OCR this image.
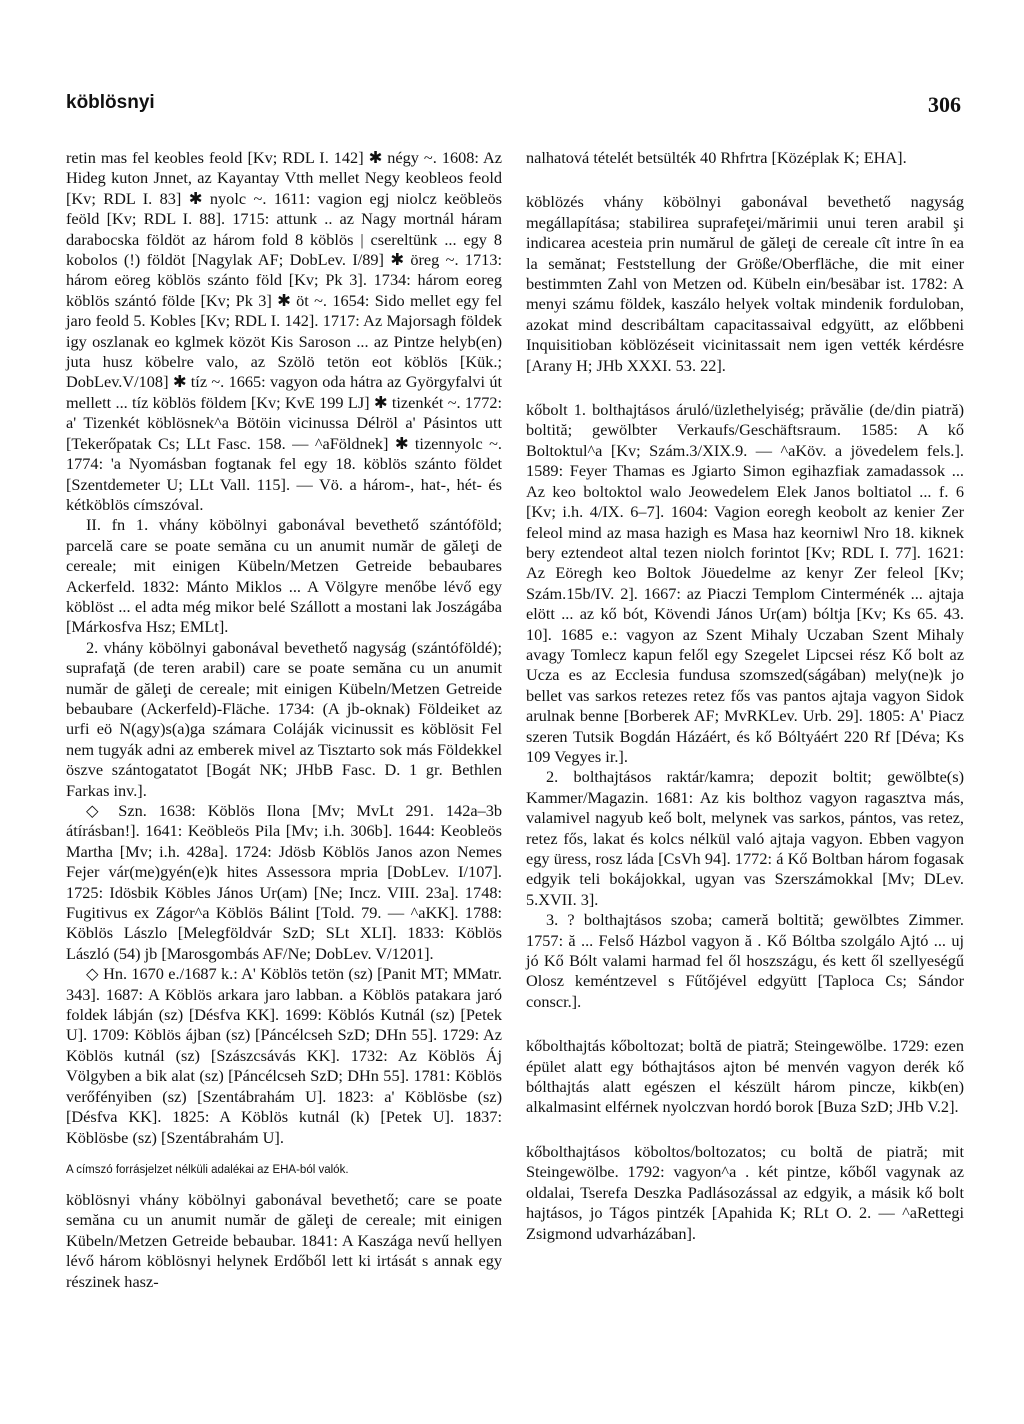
köblösnyi	306

retin mas fel keobles feold [Kv; RDL I. 142] ✱ négy ~. 1608: Az Hideg kuton Jnnet, az Kayantay Vtth mellet Negy keobleos feold [Kv; RDL I. 83] ✱ nyolc ~. 1611: vagion egj niolcz keöbleös feöld [Kv; RDL I. 88]. 1715: attunk .. az Nagy mortnál háram darabocska földöt az három fold 8 köblös | csereltünk ... egy 8 kobolos (!) földöt [Nagylak AF; DobLev. I/89] ✱ öreg ~. 1713: három eöreg köblös szánto föld [Kv; Pk 3]. 1734: három eoreg köblös szántó földe [Kv; Pk 3] ✱ öt ~. 1654: Sido mellet egy fel jaro feold 5. Kobles [Kv; RDL I. 142]. 1717: Az Majorsagh földek igy oszlanak eo kglmek közöt Kis Saroson ... az Pintze helyb(en) juta husz köbelre valo, az Szölö tetön eot köblös [Kük.; DobLev.V/108] ✱ tíz ~. 1665: vagyon oda hátra az Györgyfalvi út mellett ... tíz köblös földem [Kv; KvE 199 LJ] ✱ tizenkét ~. 1772: a' Tizenkét köblösnek^a Bötöin vicinussa Délröl a' Pásintos utt [Tekerőpatak Cs; LLt Fasc. 158. — ^aFöldnek] ✱ tizennyolc ~. 1774: 'a Nyomásban fogtanak fel egy 18. köblös szánto földet [Szentdemeter U; LLt Vall. 115]. — Vö. a három-, hat-, hét- és kétköblös címszóval.

II. fn 1. vhány köbölnyi gabonával bevethető szántóföld; parcelă care se poate semăna cu un anumit număr de găleţi de cereale; mit einigen Kübeln/Metzen Getreide bebaubares Ackerfeld. 1832: Mánto Miklos ... A Völgyre menőbe lévő egy köblöst ... el adta még mikor belé Szállott a mostani lak Joszágába [Márkosfva Hsz; EMLt].

2. vhány köbölnyi gabonával bevethető nagyság (szántóföldé); suprafaţă (de teren arabil) care se poate semăna cu un anumit număr de găleţi de cereale; mit einigen Kübeln/Metzen Getreide bebaubare (Ackerfeld)-Fläche. 1734: (A jb-oknak) Földeiket az urfi eö N(agy)s(a)ga számara Coláják vicinussit es köblösit Fel nem tugyák adni az emberek mivel az Tisztarto sok más Földekkel öszve szántogatatot [Bogát NK; JHbB Fasc. D. 1 gr. Bethlen Farkas inv.].

◇ Szn. 1638: Köblös Ilona [Mv; MvLt 291. 142a–3b átírásban!]. 1641: Keöbleös Pila [Mv; i.h. 306b]. 1644: Keobleös Martha [Mv; i.h. 428a]. 1724: Jdösb Köblös Janos azon Nemes Fejer vár(me)gyén(e)k hites Assessora mpria [DobLev. I/107]. 1725: Idösbik Köbles János Ur(am) [Ne; Incz. VIII. 23a]. 1748: Fugitivus ex Zágor^a Köblös Bálint [Told. 79. — ^aKK]. 1788: Köblös Lászlo [Melegföldvár SzD; SLt XLI]. 1833: Köblös László (54) jb [Marosgombás AF/Ne; DobLev. V/1201].

◇ Hn. 1670 e./1687 k.: A' Köblös tetön (sz) [Panit MT; MMatr. 343]. 1687: A Köblös arkara jaro labban. a Köblös patakara jaró foldek lábján (sz) [Désfva KK]. 1699: Köblós Kutnál (sz) [Petek U]. 1709: Köblös ájban (sz) [Páncélcseh SzD; DHn 55]. 1729: Az Köblös kutnál (sz) [Szászcsávás KK]. 1732: Az Köblös Áj Völgyben a bik alat (sz) [Páncélcseh SzD; DHn 55]. 1781: Köblös verőfényiben (sz) [Szentábrahám U]. 1823: a' Köblösbe (sz) [Désfva KK]. 1825: A Köblös kutnál (k) [Petek U]. 1837: Köblösbe (sz) [Szentábrahám U].

A címszó forrásjelzet nélküli adalékai az EHA-ból valók.

köblösnyi vhány köbölnyi gabonával bevethető; care se poate semăna cu un anumit număr de găleţi de cereale; mit einigen Kübeln/Metzen Getreide bebaubar. 1841: A Kaszága nevű hellyen lévő három köblösnyi helynek Erdőből lett ki irtását s annak egy részinek hasz-

nalhatová tételét betsülték 40 Rhfrtra [Középlak K; EHA].

köblözés vhány köbölnyi gabonával bevethető nagyság megállapítása; stabilirea suprafeţei/mărimii unui teren arabil şi indicarea acesteia prin numărul de găleţi de cereale cît intre în ea la semănat; Feststellung der Größe/Oberfläche, die mit einer bestimmten Zahl von Metzen od. Kübeln ein/besäbar ist. 1782: A menyi számu földek, kaszálo helyek voltak mindenik forduloban, azokat mind describáltam capacitassaival edgyütt, az előbbeni Inquisitioban köblözéseit vicinitassait nem igen vették kérdésre [Arany H; JHb XXXI. 53. 22].

kőbolt 1. bolthajtásos áruló/üzlethelyiség; prăvălie (de/din piatră) boltită; gewölbter Verkaufs/Geschäftsraum. 1585: A kő Boltoktul^a [Kv; Szám.3/XIX.9. — ^aKöv. a jövedelem fels.]. 1589: Feyer Thamas es Jgiarto Simon egihazfiak zamadassok ... Az keo boltoktol walo Jeowedelem Elek Janos boltiatol ... f. 6 [Kv; i.h. 4/IX. 6–7]. 1604: Vagion eoregh keobolt az kenier Zer feleol mind az masa hazigh es Masa haz keorniwl Nro 18. kiknek bery eztendeot altal tezen niolch forintot [Kv; RDL I. 77]. 1621: Az Eöregh keo Boltok Jöuedelme az kenyr Zer feleol [Kv; Szám.15b/IV. 2]. 1667: az Piaczi Templom Cinterménék ... ajtaja elött ... az kő bót, Kövendi János Ur(am) bóltja [Kv; Ks 65. 43. 10]. 1685 e.: vagyon az Szent Mihaly Uczaban Szent Mihaly avagy Tomlecz kapun felől egy Szegelet Lipcsei rész Kő bolt az Ucza es az Ecclesia fundusa szomszed(ságában) mely(ne)k jo bellet vas sarkos retezes retez fős vas pantos ajtaja vagyon Sidok arulnak benne [Borberek AF; MvRKLev. Urb. 29]. 1805: A' Piacz szeren Tutsik Bogdán Házáért, és kő Bóltyáért 220 Rf [Déva; Ks 109 Vegyes ir.].

2. bolthajtásos raktár/kamra; depozit boltit; gewölbte(s) Kammer/Magazin. 1681: Az kis bolthoz vagyon ragasztva más, valamivel nagyub keő bolt, melynek vas sarkos, pántos, vas retez, retez fős, lakat és kolcs nélkül való ajtaja vagyon. Ebben vagyon egy üress, rosz láda [CsVh 94]. 1772: á Kő Boltban három fogasak edgyik teli bokájokkal, ugyan vas Szerszámokkal [Mv; DLev. 5.XVII. 3].

3. ? bolthajtásos szoba; cameră boltită; gewölbtes Zimmer. 1757: ă ... Felső Házbol vagyon ă . Kő Bóltba szolgálo Ajtó ... uj jó Kő Bólt valami harmad fel ől hoszszágu, és kett ől szellyeségű Olosz keméntzevel s Fűtőjével edgyütt [Taploca Cs; Sándor conscr.].

kőbolthajtás kőboltozat; boltă de piatră; Steingewölbe. 1729: ezen épület alatt egy bóthajtásos ajton bé menvén vagyon derék kő bólthajtás alatt egészen el készült három pincze, kikb(en) alkalmasint elférnek nyolczvan hordó borok [Buza SzD; JHb V.2].

kőbolthajtásos köboltos/boltozatos; cu boltă de piatră; mit Steingewölbe. 1792: vagyon^a . két pintze, kőből vagynak az oldalai, Tserefa Deszka Padlásozással az edgyik, a másik kő bolt hajtásos, jo Tágos pintzék [Apahida K; RLt O. 2. — ^aRettegi Zsigmond udvarházában].
